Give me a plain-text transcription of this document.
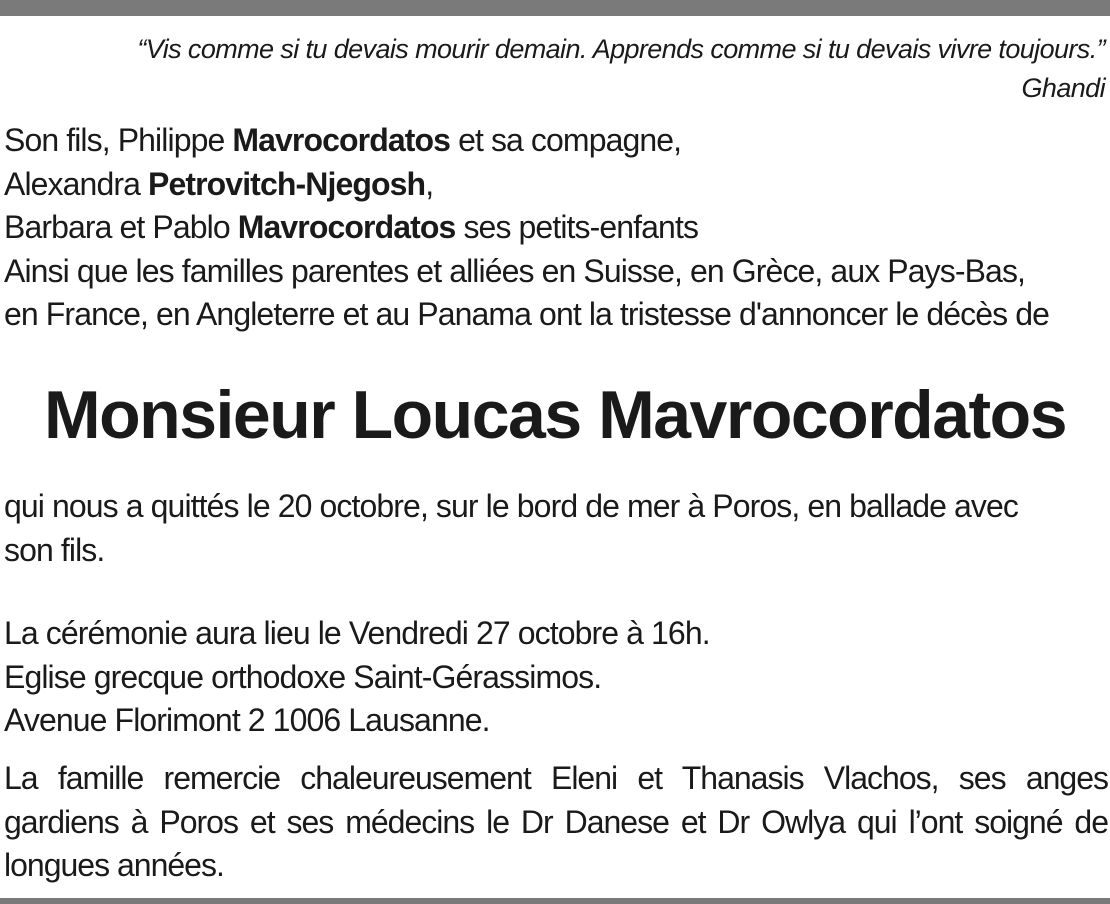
“Vis comme si tu devais mourir demain. Apprends comme si tu devais vivre toujours.”
Ghandi
Son fils, Philippe Mavrocordatos et sa compagne,
Alexandra Petrovitch-Njegosh,
Barbara et Pablo Mavrocordatos ses petits-enfants
Ainsi que les familles parentes et alliées en Suisse, en Grèce, aux Pays-Bas,
en France, en Angleterre et au Panama ont la tristesse d'annoncer le décès de
Monsieur Loucas Mavrocordatos
qui nous a quittés le 20 octobre, sur le bord de mer à Poros, en ballade avec
son fils.
La cérémonie aura lieu le Vendredi 27 octobre à 16h.
Eglise grecque orthodoxe Saint-Gérassimos.
Avenue Florimont 2 1006 Lausanne.
La famille remercie chaleureusement Eleni et Thanasis Vlachos, ses anges
gardiens à Poros et ses médecins le Dr Danese et Dr Owlya qui l’ont soigné de
longues années.
